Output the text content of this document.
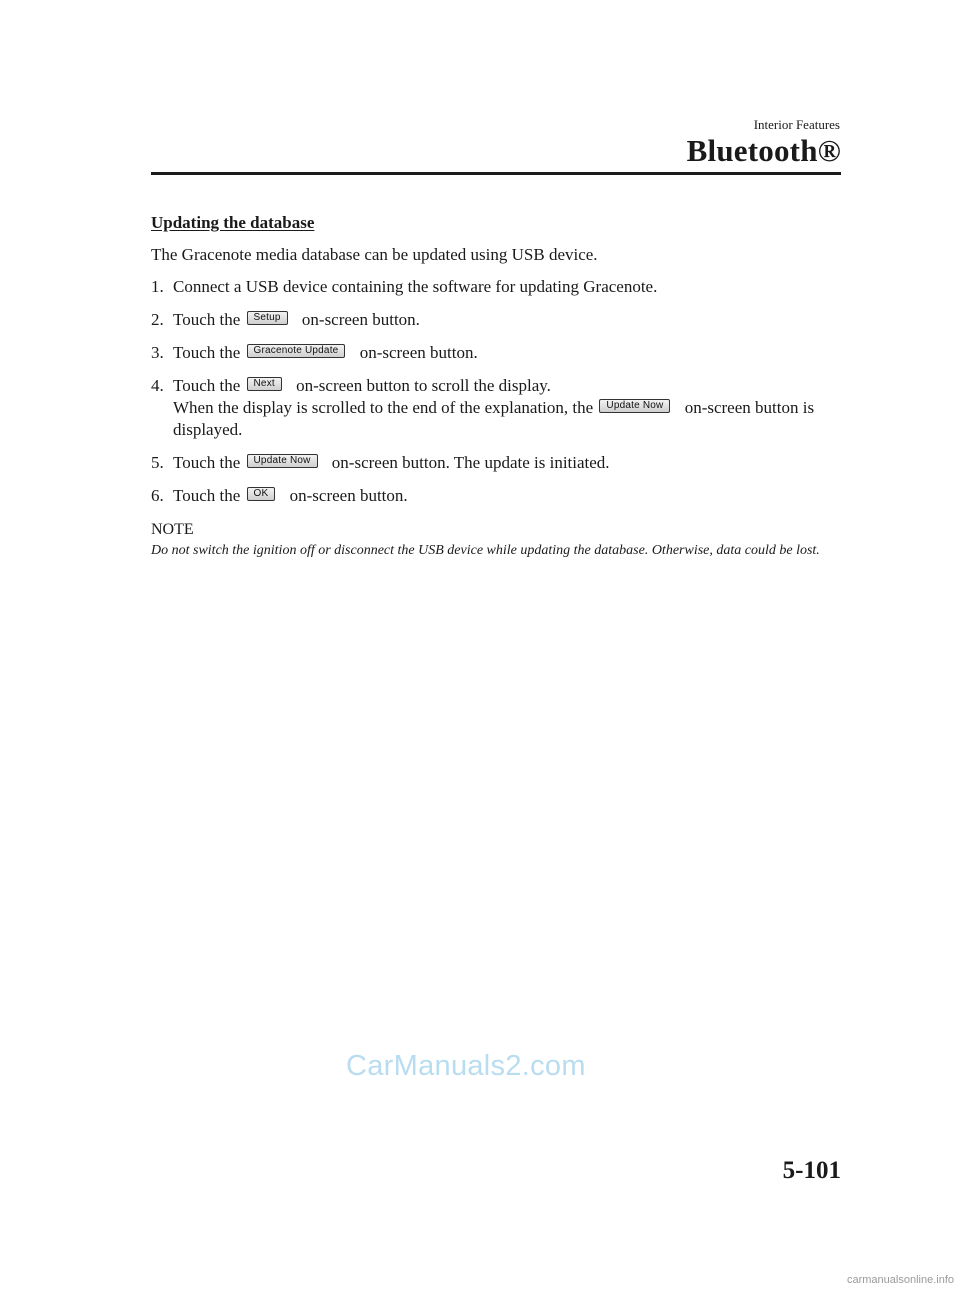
Interior Features
Bluetooth®

Updating the database

The Gracenote media database can be updated using USB device.

1. Connect a USB device containing the software for updating Gracenote.
2. Touch the Setup on-screen button.
3. Touch the Gracenote Update on-screen button.
4. Touch the Next on-screen button to scroll the display.
When the display is scrolled to the end of the explanation, the Update Now on-screen button is displayed.
5. Touch the Update Now on-screen button. The update is initiated.
6. Touch the OK on-screen button.

NOTE

Do not switch the ignition off or disconnect the USB device while updating the database. Otherwise, data could be lost.

CarManuals2.com
5-101
carmanualsonline.info
